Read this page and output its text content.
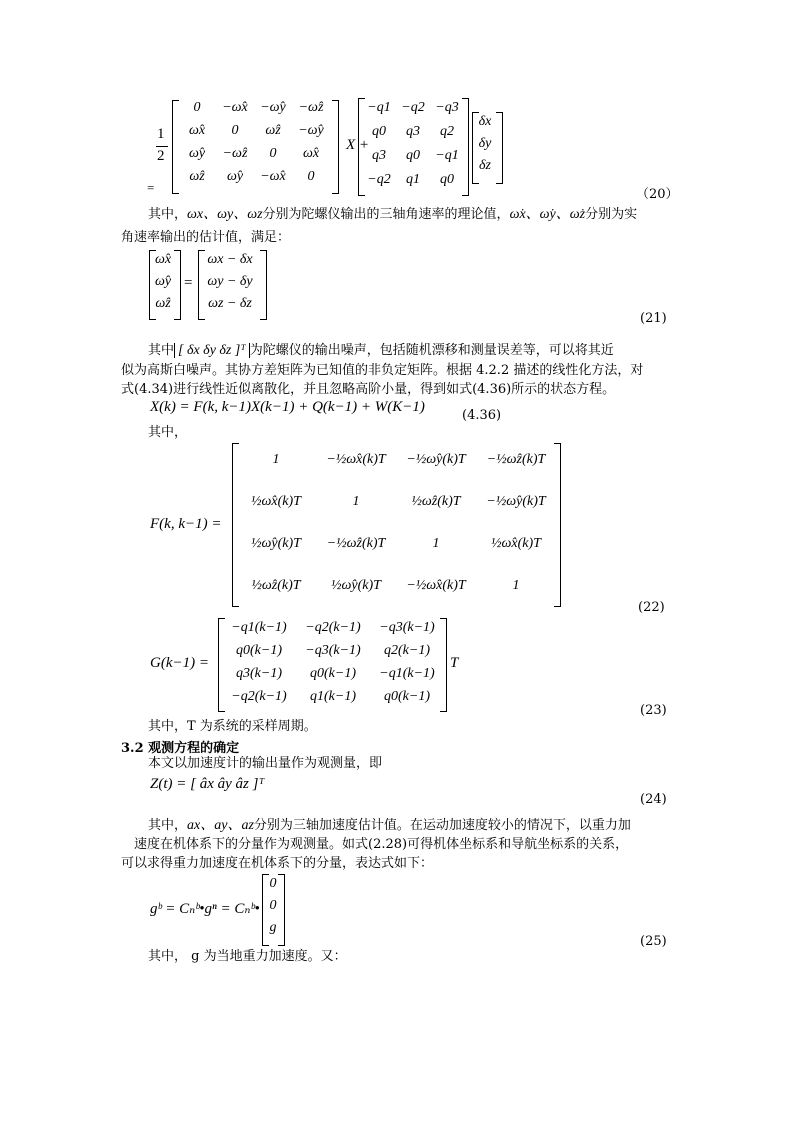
1
2
=
0	−ω̂x −ω̂y −ω̂z
ω̂x	0	ω̂z	−ω̂y
ω̂y	−ω̂z	0	ω̂x
ω̂z	ω̂y	−ω̂x	0
X +
−q1 −q2 −q3
q0	q3	q2
q3	q0	−q1
−q2	q1	q0
δx
δy
δz
（20）
其中，ωx、ωy、ωz分别为陀螺仪输出的三轴角速率的理论值，ω̇x、ω̇y、ω̇z分别为实
角速率输出的估计值，满足：
ω̂x
ω̂y
ω̂z
=
ωx − δx
ωy − δy
ωz − δz
(21)
其中 [ δx δy δz ]ᵀ 为陀螺仪的输出噪声，包括随机漂移和测量误差等，可以将其近
似为高斯白噪声。其协方差矩阵为已知值的非负定矩阵。根据 4.2.2 描述的线性化方法，对
式(4.34)进行线性近似离散化，并且忽略高阶小量，得到如式(4.36)所示的状态方程。
X(k) = F(k, k−1)X(k−1) + Q(k−1) + W(K−1)
(4.36)
其中，
F(k, k−1) =
1	−½ω̂x(k)T	−½ω̂y(k)T	−½ω̂z(k)T
½ω̂x(k)T	1	½ω̂z(k)T	−½ω̂y(k)T
½ω̂y(k)T	−½ω̂z(k)T	1	½ω̂x(k)T
½ω̂z(k)T	½ω̂y(k)T	−½ω̂x(k)T	1
(22)
G(k−1) =
−q1(k−1)	−q2(k−1)	−q3(k−1)
q0(k−1)	−q3(k−1)	q2(k−1)
q3(k−1)	q0(k−1)	−q1(k−1)
−q2(k−1)	q1(k−1)	q0(k−1)
T
(23)
其中，T 为系统的采样周期。
3.2 观测方程的确定
本文以加速度计的输出量作为观测量，即
Z(t) = [ âx ây âz ]ᵀ
(24)
其中，ax、ay、az分别为三轴加速度估计值。在运动加速度较小的情况下，以重力加
速度在机体系下的分量作为观测量。如式(2.28)可得机体坐标系和导航坐标系的关系，
可以求得重力加速度在机体系下的分量，表达式如下：
gᵇ = Cₙᵇ•gⁿ = Cₙᵇ•
0
0
g
(25)
其中， g 为当地重力加速度。又：
